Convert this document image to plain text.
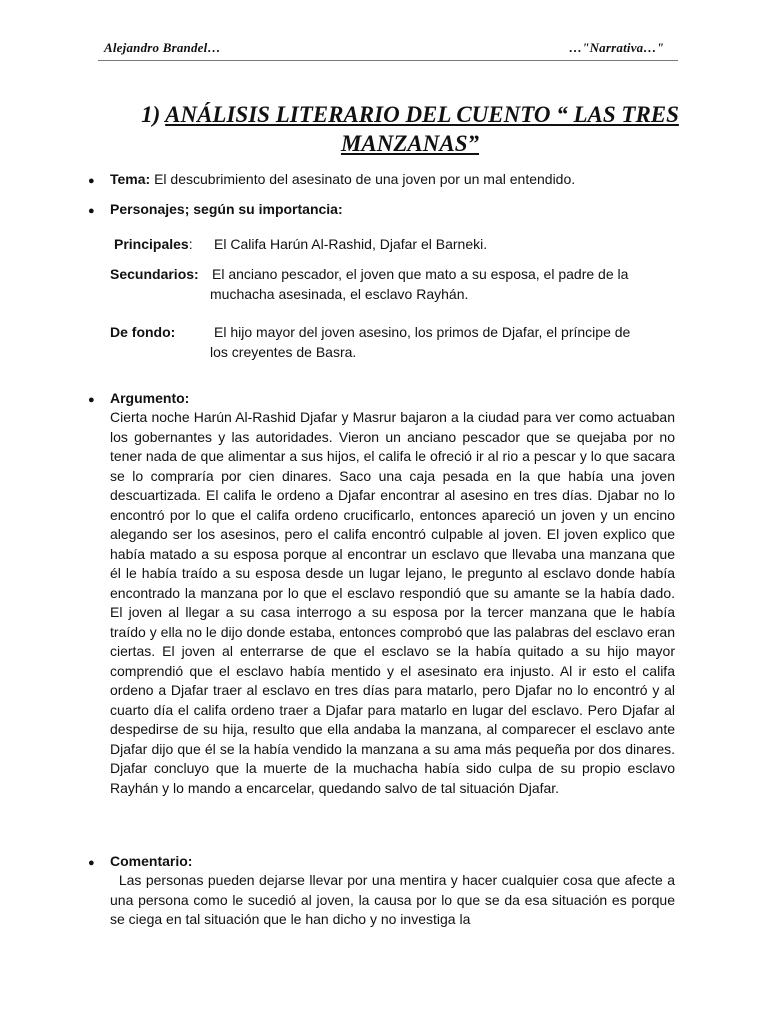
Alejandro Brandel…	…"Narrativa…"
1) ANÁLISIS LITERARIO DEL CUENTO “ LAS TRES MANZANAS”
● Tema: El descubrimiento del asesinato de una joven por un mal entendido.
● Personajes; según su importancia:
Principales: El Califa Harún Al-Rashid, Djafar el Barneki.
Secundarios: El anciano pescador, el joven que mato a su esposa, el padre de la
muchacha asesinada, el esclavo Rayhán.
De fondo:	El hijo mayor del joven asesino, los primos de Djafar, el príncipe de
los creyentes de Basra.
● Argumento:
Cierta noche Harún Al-Rashid Djafar y Masrur bajaron a la ciudad para ver como actuaban los gobernantes y las autoridades. Vieron un anciano pescador que se quejaba por no tener nada de que alimentar a sus hijos, el califa le ofreció ir al rio a pescar y lo que sacara se lo compraría por cien dinares. Saco una caja pesada en la que había una joven descuartizada. El califa le ordeno a Djafar encontrar al asesino en tres días. Djabar no lo encontró por lo que el califa ordeno crucificarlo, entonces apareció un joven y un encino alegando ser los asesinos, pero el califa encontró culpable al joven. El joven explico que había matado a su esposa porque al encontrar un esclavo que llevaba una manzana que él le había traído a su esposa desde un lugar lejano, le pregunto al esclavo donde había encontrado la manzana por lo que el esclavo respondió que su amante se la había dado. El joven al llegar a su casa interrogo a su esposa por la tercer manzana que le había traído y ella no le dijo donde estaba, entonces comprobó que las palabras del esclavo eran ciertas. El joven al enterrarse de que el esclavo se la había quitado a su hijo mayor comprendió que el esclavo había mentido y el asesinato era injusto. Al ir esto el califa ordeno a Djafar traer al esclavo en tres días para matarlo, pero Djafar no lo encontró y al cuarto día el califa ordeno traer a Djafar para matarlo en lugar del esclavo. Pero Djafar al despedirse de su hija, resulto que ella andaba la manzana, al comparecer el esclavo ante Djafar dijo que él se la había vendido la manzana a su ama más pequeña por dos dinares. Djafar concluyo que la muerte de la muchacha había sido culpa de su propio esclavo Rayhán y lo mando a encarcelar, quedando salvo de tal situación Djafar.
● Comentario:
Las personas pueden dejarse llevar por una mentira y hacer cualquier cosa que afecte a una persona como le sucedió al joven, la causa por lo que se da esa situación es porque se ciega en tal situación que le han dicho y no investiga la
